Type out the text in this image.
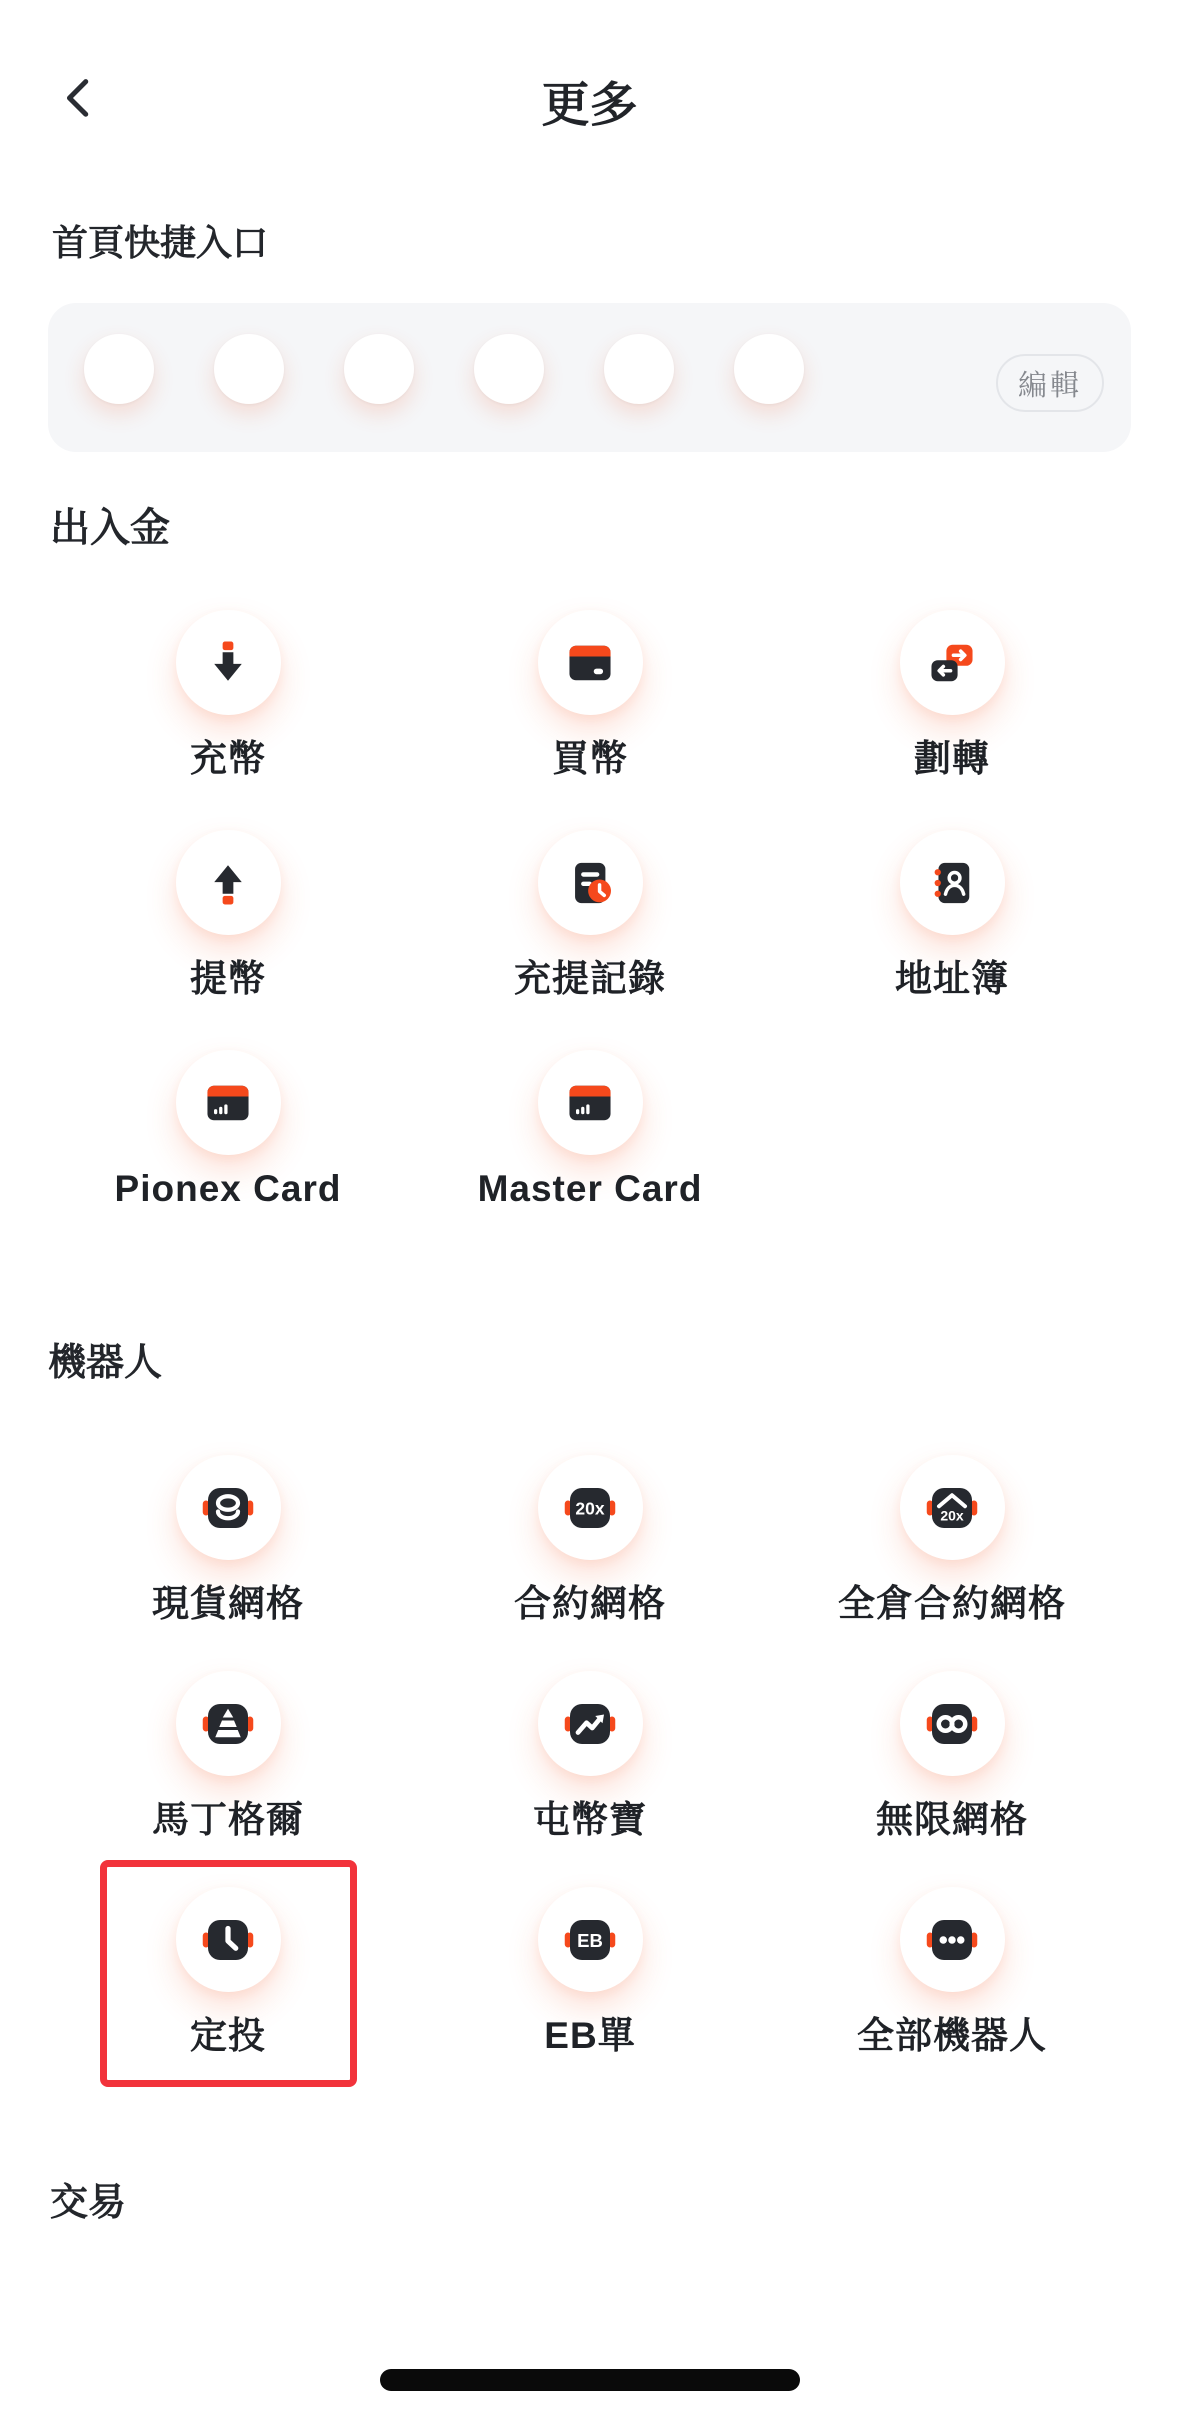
更多
首頁快捷入口
編輯
出入金
充幣	買幣	劃轉
提幣	充提記錄	地址簿
Pionex Card	Master Card
機器人
現貨網格
20x
合約網格
20x
全倉合約網格
馬丁格爾	屯幣寶	無限網格
定投
EB
EB單	全部機器人
交易
